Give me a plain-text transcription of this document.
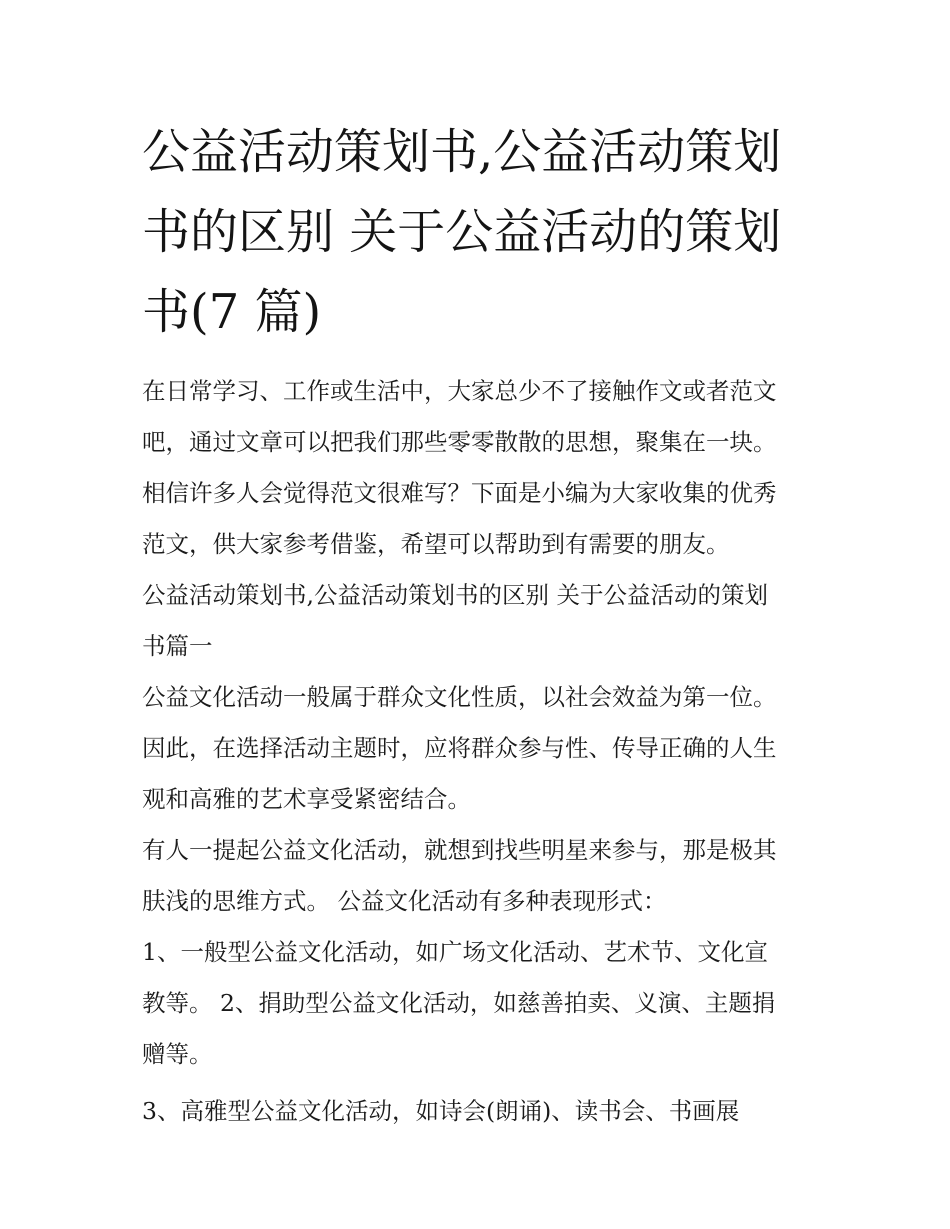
公益活动策划书,公益活动策划
书的区别 关于公益活动的策划
书(7 篇)

在日常学习、工作或生活中，大家总少不了接触作文或者范文
吧，通过文章可以把我们那些零零散散的思想，聚集在一块。
相信许多人会觉得范文很难写？下面是小编为大家收集的优秀
范文，供大家参考借鉴，希望可以帮助到有需要的朋友。

公益活动策划书,公益活动策划书的区别 关于公益活动的策划
书篇一

公益文化活动一般属于群众文化性质，以社会效益为第一位。
因此，在选择活动主题时，应将群众参与性、传导正确的人生
观和高雅的艺术享受紧密结合。

有人一提起公益文化活动，就想到找些明星来参与，那是极其
肤浅的思维方式。 公益文化活动有多种表现形式：

1、一般型公益文化活动，如广场文化活动、艺术节、文化宣
教等。 2、捐助型公益文化活动，如慈善拍卖、义演、主题捐
赠等。

3、高雅型公益文化活动，如诗会(朗诵)、读书会、书画展
